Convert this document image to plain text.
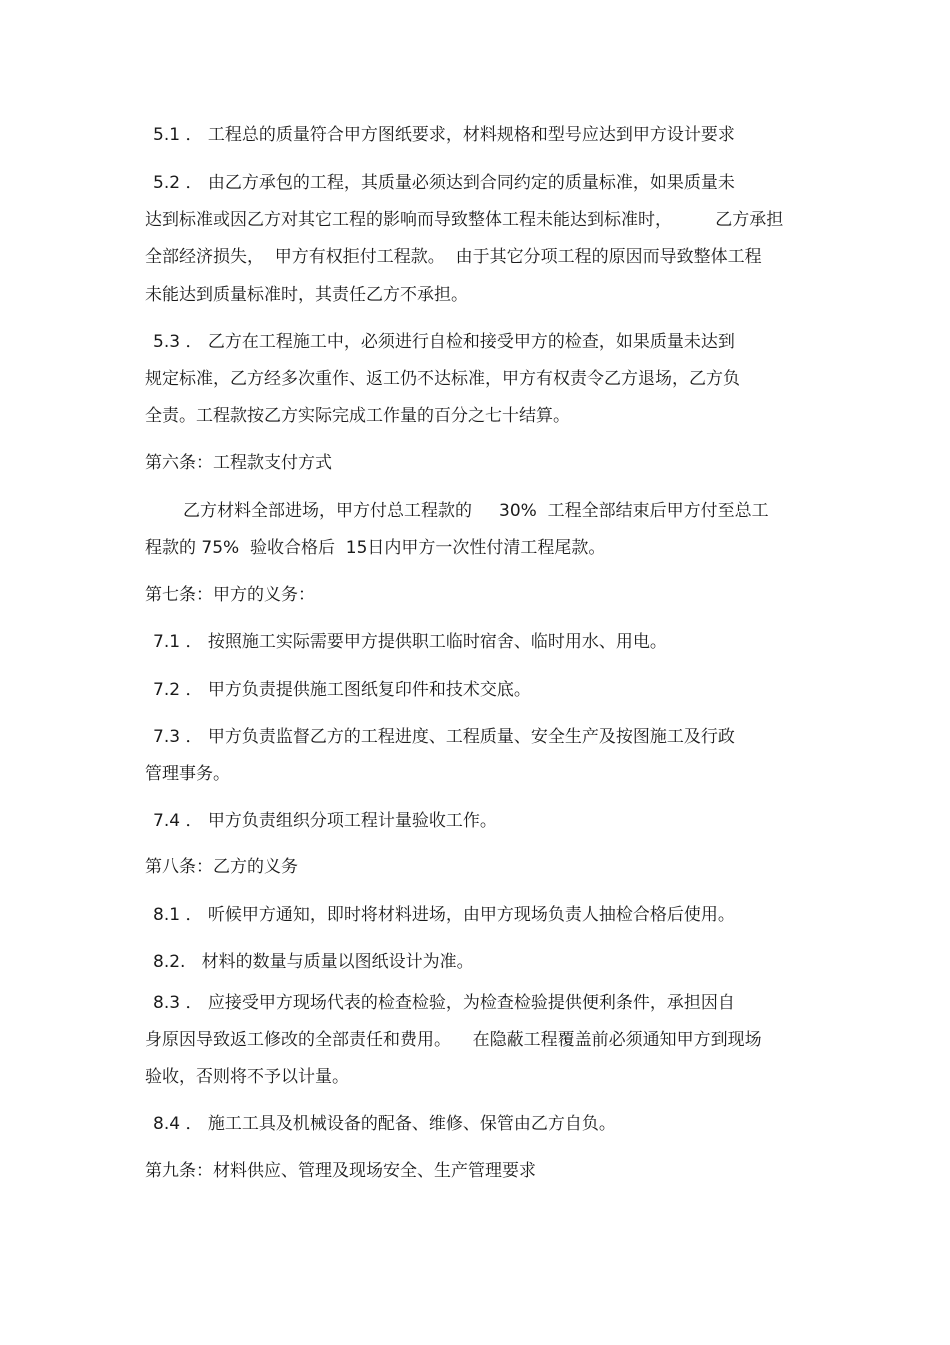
5.1 ． 工程总的质量符合甲方图纸要求，材料规格和型号应达到甲方设计要求
5.2 ． 由乙方承包的工程，其质量必须达到合同约定的质量标准，如果质量未
达到标准或因乙方对其它工程的影响而导致整体工程未能达到标准时，        乙方承担
全部经济损失，  甲方有权拒付工程款。  由于其它分项工程的原因而导致整体工程
未能达到质量标准时，其责任乙方不承担。
5.3 ． 乙方在工程施工中，必须进行自检和接受甲方的检查，如果质量未达到
规定标准，乙方经多次重作、返工仍不达标准，甲方有权责令乙方退场，乙方负
全责。工程款按乙方实际完成工作量的百分之七十结算。
第六条：工程款支付方式
乙方材料全部进场，甲方付总工程款的     30%  工程全部结束后甲方付至总工
程款的 75%  验收合格后  15日内甲方一次性付清工程尾款。
第七条：甲方的义务：
7.1 ． 按照施工实际需要甲方提供职工临时宿舍、临时用水、用电。
7.2 ． 甲方负责提供施工图纸复印件和技术交底。
7.3 ． 甲方负责监督乙方的工程进度、工程质量、安全生产及按图施工及行政
管理事务。
7.4 ． 甲方负责组织分项工程计量验收工作。
第八条：乙方的义务
8.1 ． 听候甲方通知，即时将材料进场，由甲方现场负责人抽检合格后使用。
8.2.   材料的数量与质量以图纸设计为准。
8.3 ． 应接受甲方现场代表的检查检验，为检查检验提供便利条件，承担因自
身原因导致返工修改的全部责任和费用。    在隐蔽工程覆盖前必须通知甲方到现场
验收，否则将不予以计量。
8.4 ． 施工工具及机械设备的配备、维修、保管由乙方自负。
第九条：材料供应、管理及现场安全、生产管理要求
